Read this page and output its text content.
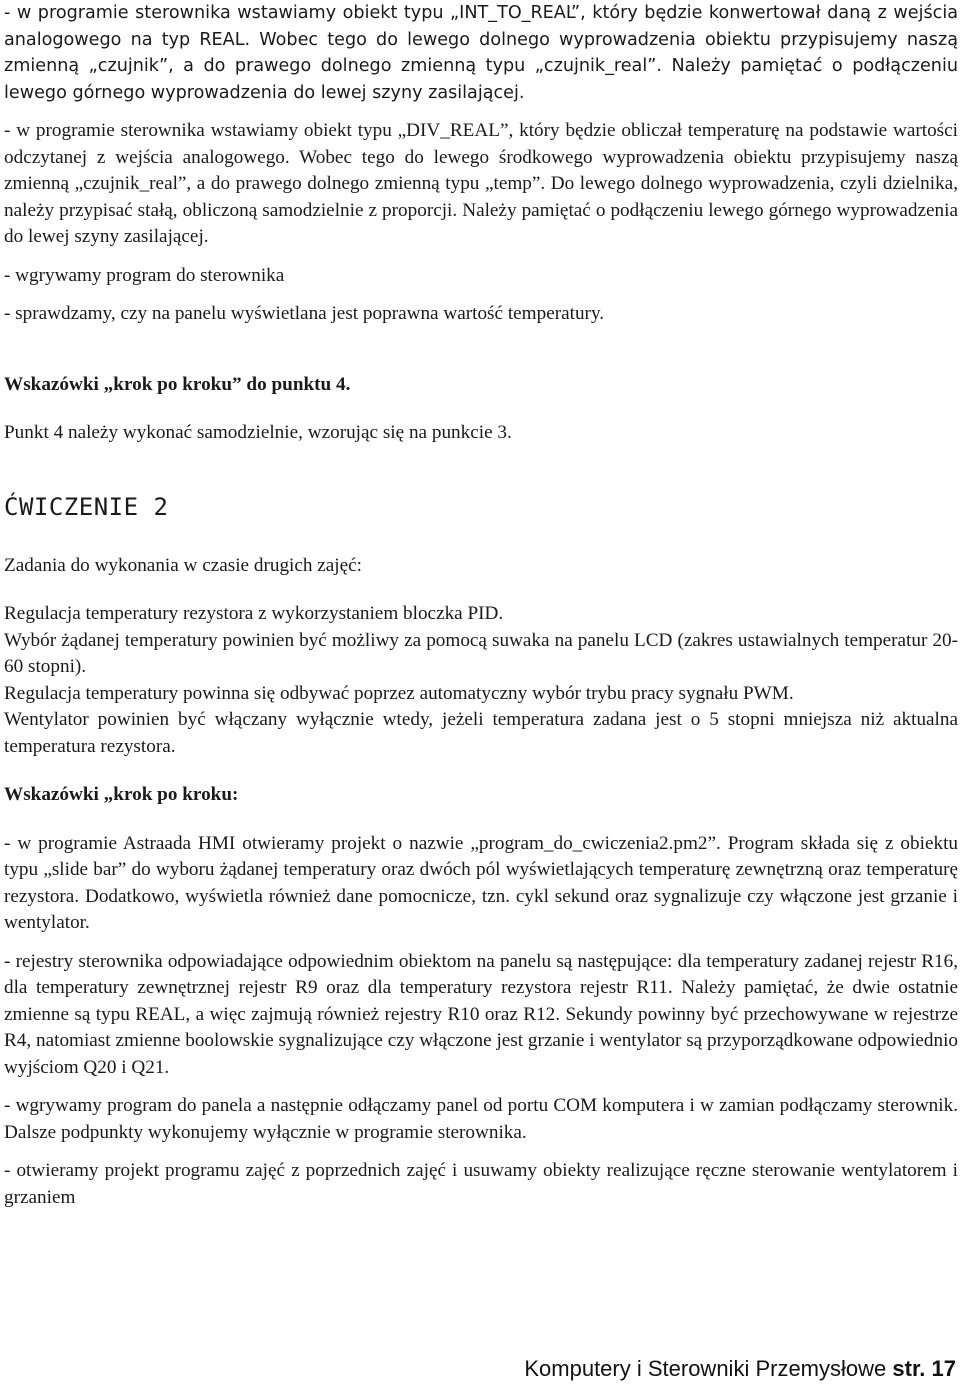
- w programie sterownika wstawiamy obiekt typu „INT_TO_REAL”, który będzie konwertował daną z wejścia analogowego na typ REAL. Wobec tego do lewego dolnego wyprowadzenia obiektu przypisujemy naszą zmienną „czujnik”, a do prawego dolnego zmienną typu „czujnik_real”. Należy pamiętać o podłączeniu lewego górnego wyprowadzenia do lewej szyny zasilającej.

- w programie sterownika wstawiamy obiekt typu „DIV_REAL”, który będzie obliczał temperaturę na podstawie wartości odczytanej z wejścia analogowego. Wobec tego do lewego środkowego wyprowadzenia obiektu przypisujemy naszą zmienną „czujnik_real”, a do prawego dolnego zmienną typu „temp”. Do lewego dolnego wyprowadzenia, czyli dzielnika, należy przypisać stałą, obliczoną samodzielnie z proporcji. Należy pamiętać o podłączeniu lewego górnego wyprowadzenia do lewej szyny zasilającej.

- wgrywamy program do sterownika

- sprawdzamy, czy na panelu wyświetlana jest poprawna wartość temperatury.

Wskazówki „krok po kroku” do punktu 4.

Punkt 4 należy wykonać samodzielnie, wzorując się na punkcie 3.

ĆWICZENIE 2

Zadania do wykonania w czasie drugich zajęć:

Regulacja temperatury rezystora z wykorzystaniem bloczka PID.

Wybór żądanej temperatury powinien być możliwy za pomocą suwaka na panelu LCD (zakres ustawialnych temperatur 20-60 stopni).

Regulacja temperatury powinna się odbywać poprzez automatyczny wybór trybu pracy sygnału PWM.

Wentylator powinien być włączany wyłącznie wtedy, jeżeli temperatura zadana jest o 5 stopni mniejsza niż aktualna temperatura rezystora.

Wskazówki „krok po kroku:

- w programie Astraada HMI otwieramy projekt o nazwie „program_do_cwiczenia2.pm2”. Program składa się z obiektu typu „slide bar” do wyboru żądanej temperatury oraz dwóch pól wyświetlających temperaturę zewnętrzną oraz temperaturę rezystora. Dodatkowo, wyświetla również dane pomocnicze, tzn. cykl sekund oraz sygnalizuje czy włączone jest grzanie i wentylator.

- rejestry sterownika odpowiadające odpowiednim obiektom na panelu są następujące: dla temperatury zadanej rejestr R16, dla temperatury zewnętrznej rejestr R9 oraz dla temperatury rezystora rejestr R11. Należy pamiętać, że dwie ostatnie zmienne są typu REAL, a więc zajmują również rejestry R10 oraz R12. Sekundy powinny być przechowywane w rejestrze R4, natomiast zmienne boolowskie sygnalizujące czy włączone jest grzanie i wentylator są przyporządkowane odpowiednio wyjściom Q20 i Q21.

- wgrywamy program do panela a następnie odłączamy panel od portu COM komputera i w zamian podłączamy sterownik. Dalsze podpunkty wykonujemy wyłącznie w programie sterownika.

- otwieramy projekt programu zajęć z poprzednich zajęć i usuwamy obiekty realizujące ręczne sterowanie wentylatorem i grzaniem

Komputery i Sterowniki Przemysłowe str. 17
